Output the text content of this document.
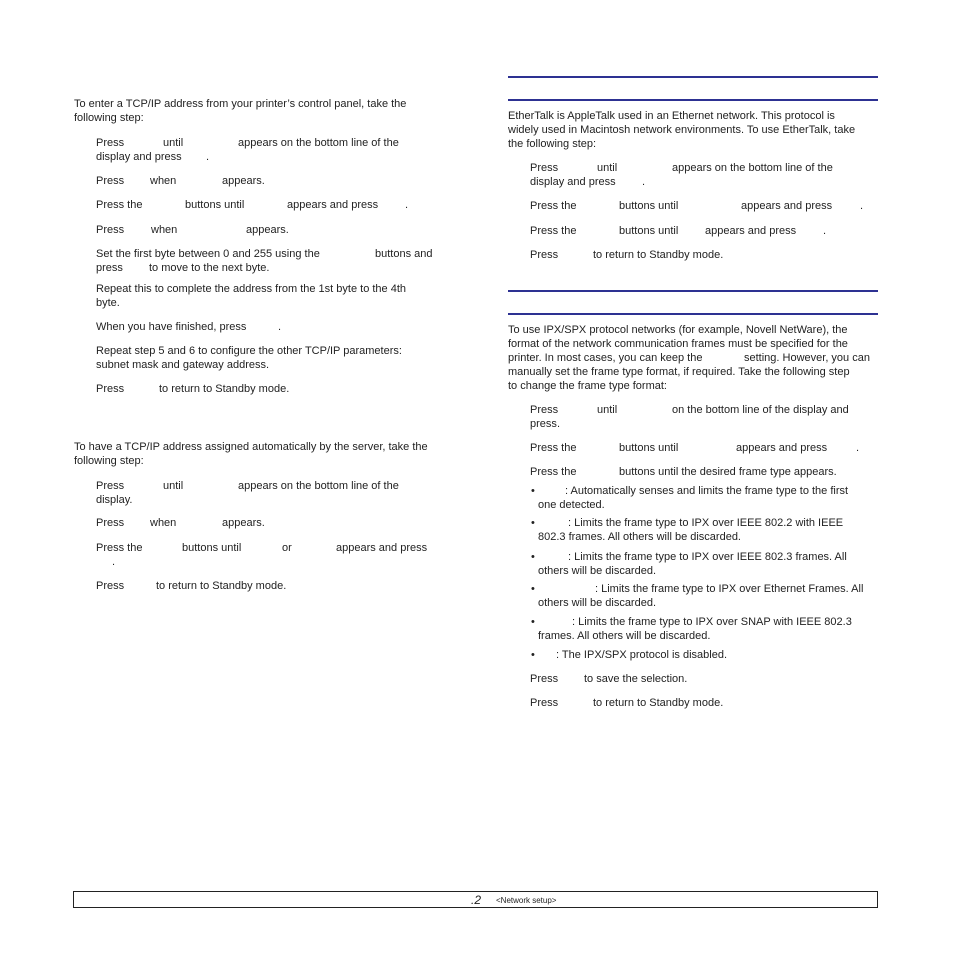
.2 <Network setup>
To enter a TCP/IP address from your printer’s control panel, take the
following step:
Press	until	appears on the bottom line of the
display and press .
Press when	appears.
Press the	buttons until	appears and press .
Press when	appears.
Set the first byte between 0 and 255 using the	buttons and
press to move to the next byte.
Repeat this to complete the address from the 1st byte to the 4th
byte.
When you have finished, press	.
Repeat step 5 and 6 to configure the other TCP/IP parameters:
subnet mask and gateway address.
Press	to return to Standby mode.
To have a TCP/IP address assigned automatically by the server, take the
following step:
Press	until	appears on the bottom line of the
display.
Press when	appears.
Press the	buttons until	or	appears and press
.
Press	to return to Standby mode.
EtherTalk is AppleTalk used in an Ethernet network. This protocol is
widely used in Macintosh network environments. To use EtherTalk, take
the following step:
Press	until	appears on the bottom line of the
display and press .
Press the	buttons until	appears and press	.
Press the	buttons until appears and press .
Press	to return to Standby mode.
To use IPX/SPX protocol networks (for example, Novell NetWare), the
format of the network communication frames must be specified for the
printer. In most cases, you can keep the
manually set the frame type format, if required. Take the following step
to change the frame type format:
setting. However, you can
Press	until	on the bottom line of the display and
press .
Press the	buttons until	appears and press	.
Press the	buttons until the desired frame type appears.
•	: Automatically senses and limits the frame type to the first
one detected.
•	: Limits the frame type to IPX over IEEE 802.2 with IEEE
802.3 frames. All others will be discarded.
•	: Limits the frame type to IPX over IEEE 802.3 frames. All
others will be discarded.
•	: Limits the frame type to IPX over Ethernet Frames. All
others will be discarded.
•	: Limits the frame type to IPX over SNAP with IEEE 802.3
frames. All others will be discarded.
• : The IPX/SPX protocol is disabled.
Press to save the selection.
Press	to return to Standby mode.
